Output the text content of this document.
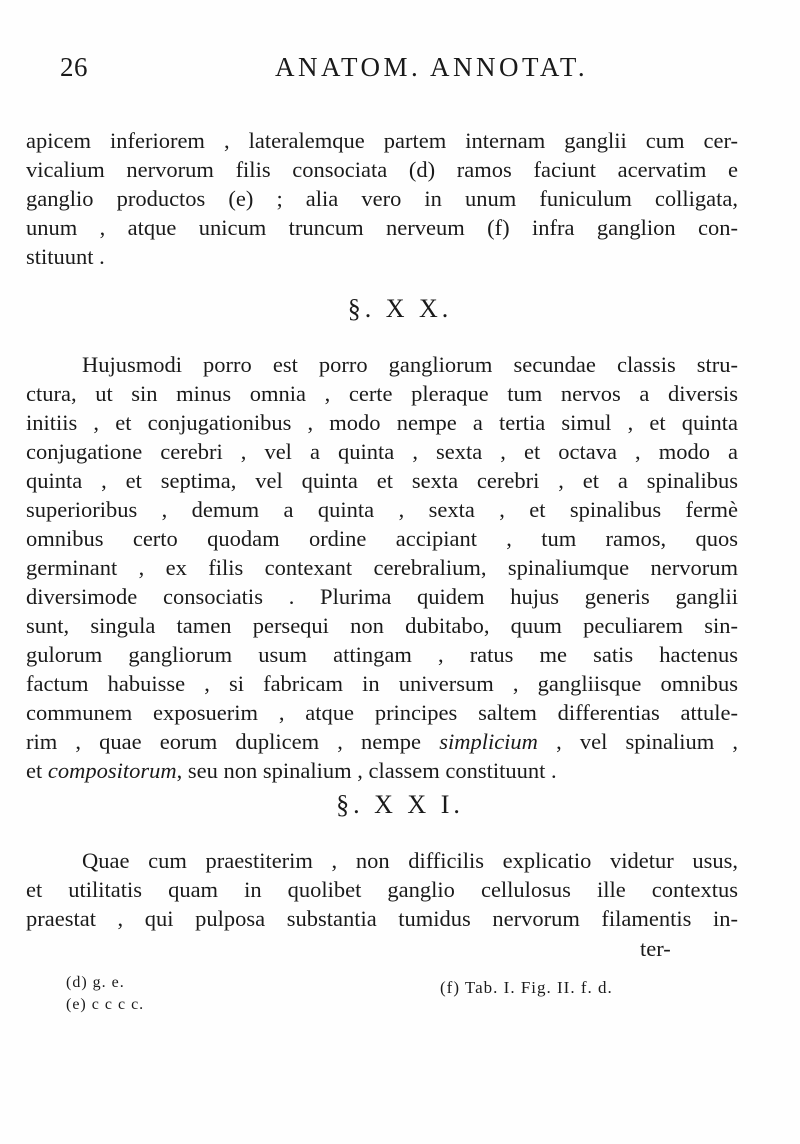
26	ANATOM. ANNOTAT.
apicem inferiorem , lateralemque partem internam ganglii cum cer-
vicalium nervorum filis consociata (d) ramos faciunt acervatim e
ganglio productos (e) ; alia vero in unum funiculum colligata,
unum , atque unicum truncum nerveum (f) infra ganglion con-
stituunt .
§. X X.
Hujusmodi porro est porro gangliorum secundae classis stru-
ctura, ut sin minus omnia , certe pleraque tum nervos a diversis
initiis , et conjugationibus , modo nempe a tertia simul , et quinta
conjugatione cerebri , vel a quinta , sexta , et octava , modo a
quinta , et septima, vel quinta et sexta cerebri , et a spinalibus
superioribus , demum a quinta , sexta , et spinalibus fermè
omnibus certo quodam ordine accipiant , tum ramos, quos
germinant , ex filis contexant cerebralium, spinaliumque nervorum
diversimode consociatis . Plurima quidem hujus generis ganglii
sunt, singula tamen persequi non dubitabo, quum peculiarem sin-
gulorum gangliorum usum attingam , ratus me satis hactenus
factum habuisse , si fabricam in universum , gangliisque omnibus
communem exposuerim , atque principes saltem differentias attule-
rim , quae eorum duplicem , nempe simplicium , vel spinalium ,
et compositorum, seu non spinalium , classem constituunt .
§. X X I.
Quae cum praestiterim , non difficilis explicatio videtur usus,
et utilitatis quam in quolibet ganglio cellulosus ille contextus
praestat , qui pulposa substantia tumidus nervorum filamentis in-
ter-
(d) g. e.
(e) c c c c.
(f) Tab. I. Fig. II. f. d.
